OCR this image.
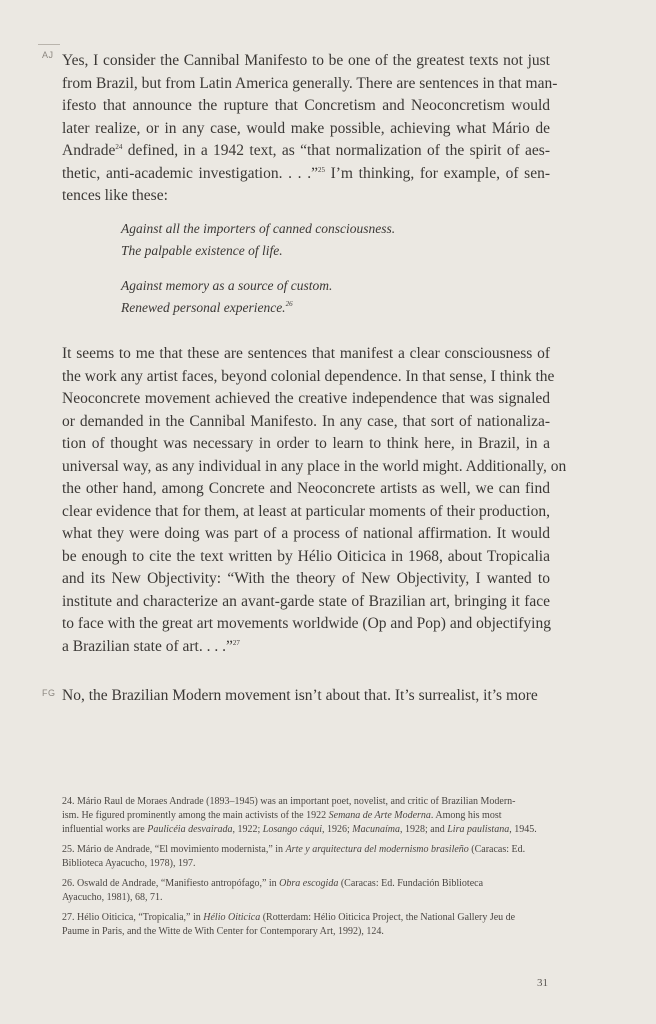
AJ Yes, I consider the Cannibal Manifesto to be one of the greatest texts not just
from Brazil, but from Latin America generally. There are sentences in that man-
ifesto that announce the rupture that Concretism and Neoconcretism would
later realize, or in any case, would make possible, achieving what Mário de
Andrade$^{24}$ defined, in a 1942 text, as “that normalization of the spirit of aes-
thetic, anti-academic investigation. . . .”$^{25}$ I’m thinking, for example, of sen-
tences like these:
Against all the importers of canned consciousness.
The palpable existence of life.
Against memory as a source of custom.
Renewed personal experience.$^{26}$
It seems to me that these are sentences that manifest a clear consciousness of
the work any artist faces, beyond colonial dependence. In that sense, I think the
Neoconcrete movement achieved the creative independence that was signaled
or demanded in the Cannibal Manifesto. In any case, that sort of nationaliza-
tion of thought was necessary in order to learn to think here, in Brazil, in a
universal way, as any individual in any place in the world might. Additionally, on
the other hand, among Concrete and Neoconcrete artists as well, we can find
clear evidence that for them, at least at particular moments of their production,
what they were doing was part of a process of national affirmation. It would
be enough to cite the text written by Hélio Oiticica in 1968, about Tropicalia
and its New Objectivity: “With the theory of New Objectivity, I wanted to
institute and characterize an avant-garde state of Brazilian art, bringing it face
to face with the great art movements worldwide (Op and Pop) and objectifying
a Brazilian state of art. . . .”$^{27}$
FG No, the Brazilian Modern movement isn’t about that. It’s surrealist, it’s more
24. Mário Raul de Moraes Andrade (1893–1945) was an important poet, novelist, and critic of Brazilian Modern-
ism. He figured prominently among the main activists of the 1922 Semana de Arte Moderna. Among his most
influential works are Paulicéia desvairada, 1922; Losango cáqui, 1926; Macunaíma, 1928; and Lira paulistana, 1945.
25. Mário de Andrade, “El movimiento modernista,” in Arte y arquitectura del modernismo brasileño (Caracas: Ed.
Biblioteca Ayacucho, 1978), 197.
26. Oswald de Andrade, “Manifiesto antropófago,” in Obra escogida (Caracas: Ed. Fundación Biblioteca
Ayacucho, 1981), 68, 71.
27. Hélio Oiticica, “Tropicalia,” in Hélio Oiticica (Rotterdam: Hélio Oiticica Project, the National Gallery Jeu de
Paume in Paris, and the Witte de With Center for Contemporary Art, 1992), 124.
31
